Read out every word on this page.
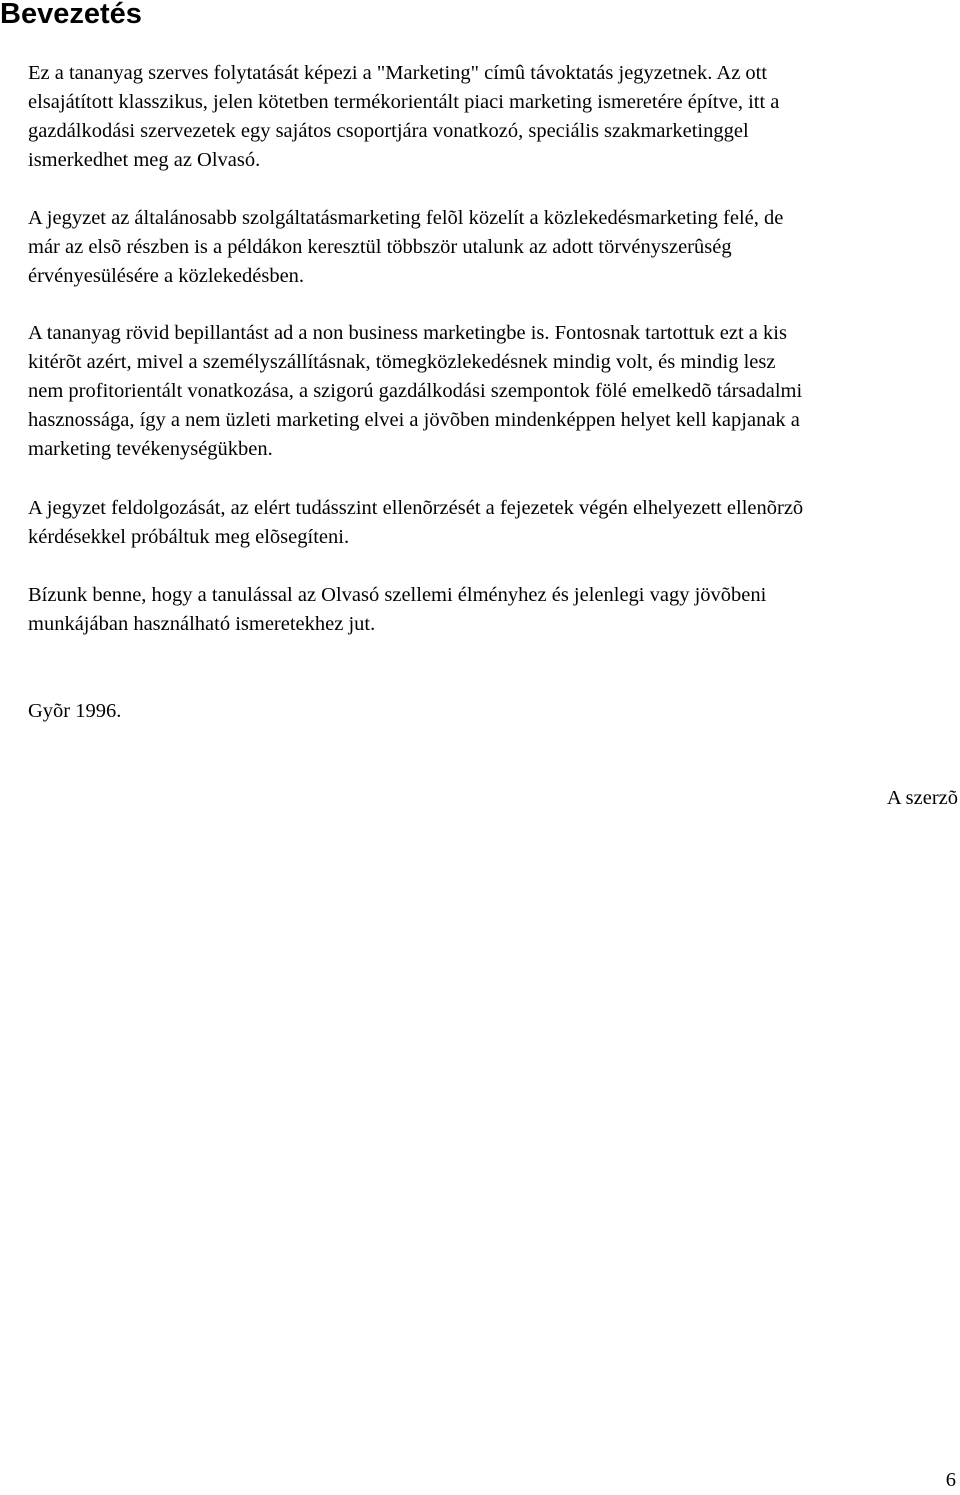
Bevezetés

Ez a tananyag szerves folytatását képezi a "Marketing" címû távoktatás jegyzetnek. Az ott
elsajátított klasszikus, jelen kötetben termékorientált piaci marketing ismeretére építve, itt a
gazdálkodási szervezetek egy sajátos csoportjára vonatkozó, speciális szakmarketinggel
ismerkedhet meg az Olvasó.

A jegyzet az általánosabb szolgáltatásmarketing felõl közelít a közlekedésmarketing felé, de
már az elsõ részben is a példákon keresztül többször utalunk az adott törvényszerûség
érvényesülésére a közlekedésben.

A tananyag rövid bepillantást ad a non business marketingbe is. Fontosnak tartottuk ezt a kis
kitérõt azért, mivel a személyszállításnak, tömegközlekedésnek mindig volt, és mindig lesz
nem profitorientált vonatkozása, a szigorú gazdálkodási szempontok fölé emelkedõ társadalmi
hasznossága, így a nem üzleti marketing elvei a jövõben mindenképpen helyet kell kapjanak a
marketing tevékenységükben.

A jegyzet feldolgozását, az elért tudásszint ellenõrzését a fejezetek végén elhelyezett ellenõrzõ
kérdésekkel próbáltuk meg elõsegíteni.

Bízunk benne, hogy a tanulással az Olvasó szellemi élményhez és jelenlegi vagy jövõbeni
munkájában használható ismeretekhez jut.

Gyõr 1996.

A szerzõ

6
